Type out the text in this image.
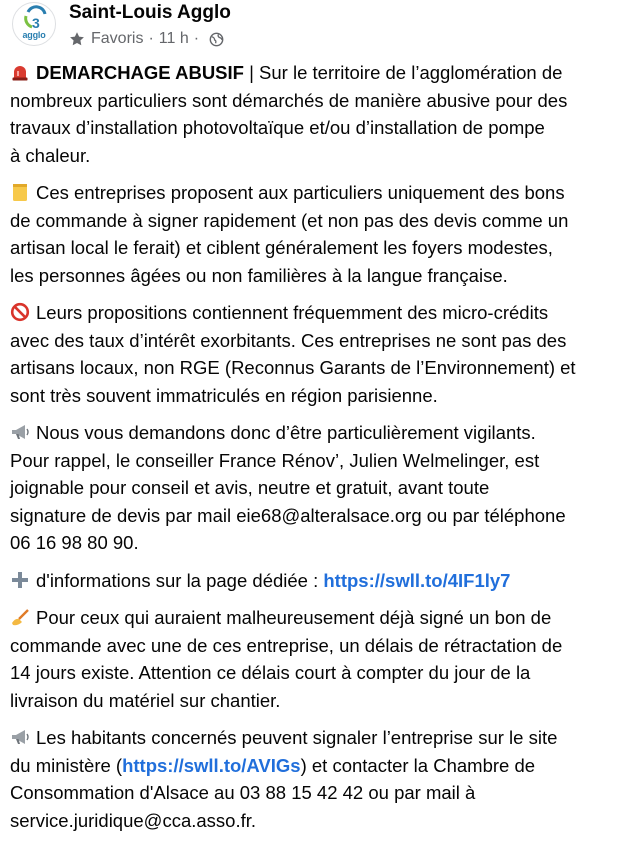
3
agglo
Saint-Louis Agglo
Favoris · 11 h ·
DEMARCHAGE ABUSIF | Sur le territoire de l’agglomération de
nombreux particuliers sont démarchés de manière abusive pour des
travaux d’installation photovoltaïque et/ou d’installation de pompe
à chaleur.
Ces entreprises proposent aux particuliers uniquement des bons
de commande à signer rapidement (et non pas des devis comme un
artisan local le ferait) et ciblent généralement les foyers modestes,
les personnes âgées ou non familières à la langue française.
Leurs propositions contiennent fréquemment des micro-crédits
avec des taux d’intérêt exorbitants. Ces entreprises ne sont pas des
artisans locaux, non RGE (Reconnus Garants de l’Environnement) et
sont très souvent immatriculés en région parisienne.
Nous vous demandons donc d’être particulièrement vigilants.
Pour rappel, le conseiller France Rénov’, Julien Welmelinger, est
joignable pour conseil et avis, neutre et gratuit, avant toute
signature de devis par mail eie68@alteralsace.org ou par téléphone
06 16 98 80 90.
d'informations sur la page dédiée : https://swll.to/4IF1ly7
Pour ceux qui auraient malheureusement déjà signé un bon de
commande avec une de ces entreprise, un délais de rétractation de
14 jours existe. Attention ce délais court à compter du jour de la
livraison du matériel sur chantier.
Les habitants concernés peuvent signaler l’entreprise sur le site
du ministère (https://swll.to/AVIGs) et contacter la Chambre de
Consommation d'Alsace au 03 88 15 42 42 ou par mail à
service.juridique@cca.asso.fr.
